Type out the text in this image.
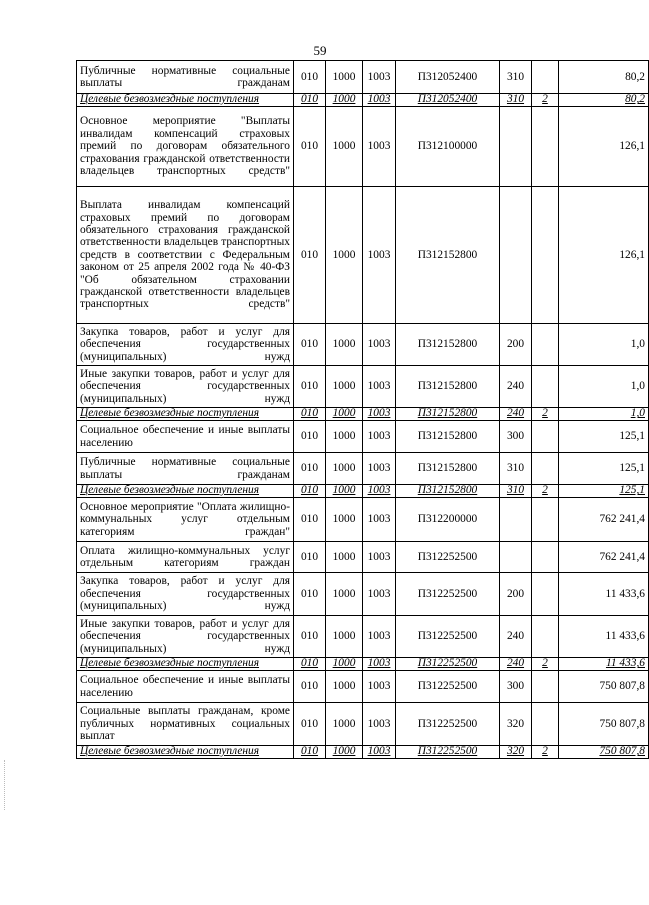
59
Публичные нормативные социальные выплаты гражданам	010	1000	1003	П312052400	310		80,2
Целевые безвозмездные поступления	010	1000	1003	П312052400	310	2	80,2
Основное мероприятие "Выплаты инвалидам компенсаций страховых премий по договорам обязательного страхования гражданской ответственности владельцев транспортных средств"	010	1000	1003	П312100000			126,1
Выплата инвалидам компенсаций страховых премий по договорам обязательного страхования гражданской ответственности владельцев транспортных средств в соответствии с Федеральным законом от 25 апреля 2002 года № 40-ФЗ "Об обязательном страховании гражданской ответственности владельцев транспортных средств"	010	1000	1003	П312152800			126,1
Закупка товаров, работ и услуг для обеспечения государственных (муниципальных) нужд	010	1000	1003	П312152800	200		1,0
Иные закупки товаров, работ и услуг для обеспечения государственных (муниципальных) нужд	010	1000	1003	П312152800	240		1,0
Целевые безвозмездные поступления	010	1000	1003	П312152800	240	2	1,0
Социальное обеспечение и иные выплаты населению	010	1000	1003	П312152800	300		125,1
Публичные нормативные социальные выплаты гражданам	010	1000	1003	П312152800	310		125,1
Целевые безвозмездные поступления	010	1000	1003	П312152800	310	2	125,1
Основное мероприятие "Оплата жилищно-коммунальных услуг отдельным категориям граждан"	010	1000	1003	П312200000			762 241,4
Оплата жилищно-коммунальных услуг отдельным категориям граждан	010	1000	1003	П312252500			762 241,4
Закупка товаров, работ и услуг для обеспечения государственных (муниципальных) нужд	010	1000	1003	П312252500	200		11 433,6
Иные закупки товаров, работ и услуг для обеспечения государственных (муниципальных) нужд	010	1000	1003	П312252500	240		11 433,6
Целевые безвозмездные поступления	010	1000	1003	П312252500	240	2	11 433,6
Социальное обеспечение и иные выплаты населению	010	1000	1003	П312252500	300		750 807,8
Социальные выплаты гражданам, кроме публичных нормативных социальных выплат	010	1000	1003	П312252500	320		750 807,8
Целевые безвозмездные поступления	010	1000	1003	П312252500	320	2	750 807,8
